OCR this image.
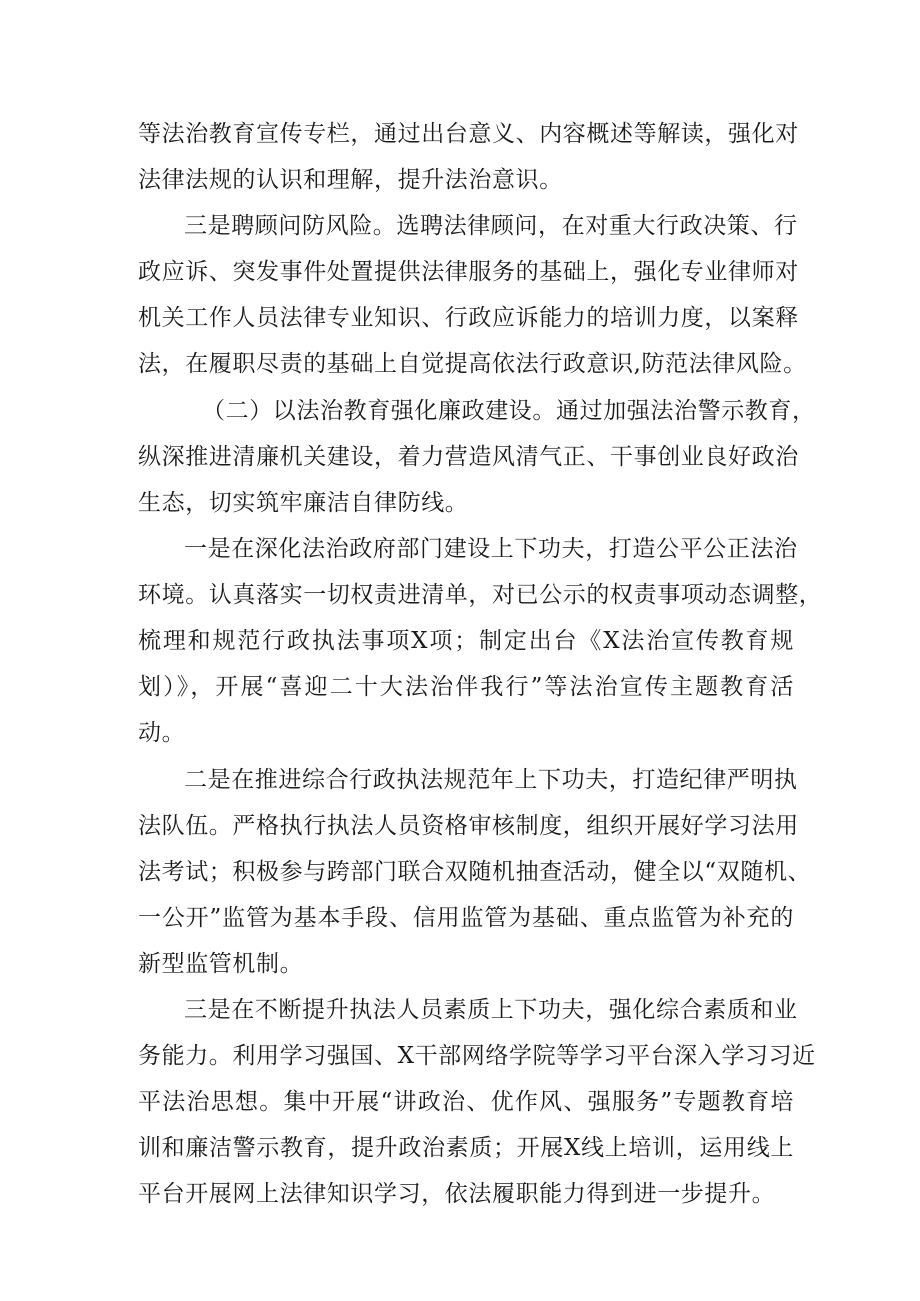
等法治教育宣传专栏，通过出台意义、内容概述等解读，强化对
法律法规的认识和理解，提升法治意识。
三是聘顾问防风险。选聘法律顾问，在对重大行政决策、行
政应诉、突发事件处置提供法律服务的基础上，强化专业律师对
机关工作人员法律专业知识、行政应诉能力的培训力度，以案释
法，在履职尽责的基础上自觉提高依法行政意识,防范法律风险。
（二）以法治教育强化廉政建设。通过加强法治警示教育，
纵深推进清廉机关建设，着力营造风清气正、干事创业良好政治
生态，切实筑牢廉洁自律防线。
一是在深化法治政府部门建设上下功夫，打造公平公正法治
环境。认真落实一切权责进清单，对已公示的权责事项动态调整，
梳理和规范行政执法事项X项；制定出台《X法治宣传教育规
划）》，开展“喜迎二十大法治伴我行”等法治宣传主题教育活
动。
二是在推进综合行政执法规范年上下功夫，打造纪律严明执
法队伍。严格执行执法人员资格审核制度，组织开展好学习法用
法考试；积极参与跨部门联合双随机抽查活动，健全以“双随机、
一公开”监管为基本手段、信用监管为基础、重点监管为补充的
新型监管机制。
三是在不断提升执法人员素质上下功夫，强化综合素质和业
务能力。利用学习强国、X干部网络学院等学习平台深入学习习近
平法治思想。集中开展“讲政治、优作风、强服务”专题教育培
训和廉洁警示教育，提升政治素质；开展X线上培训，运用线上
平台开展网上法律知识学习，依法履职能力得到进一步提升。
